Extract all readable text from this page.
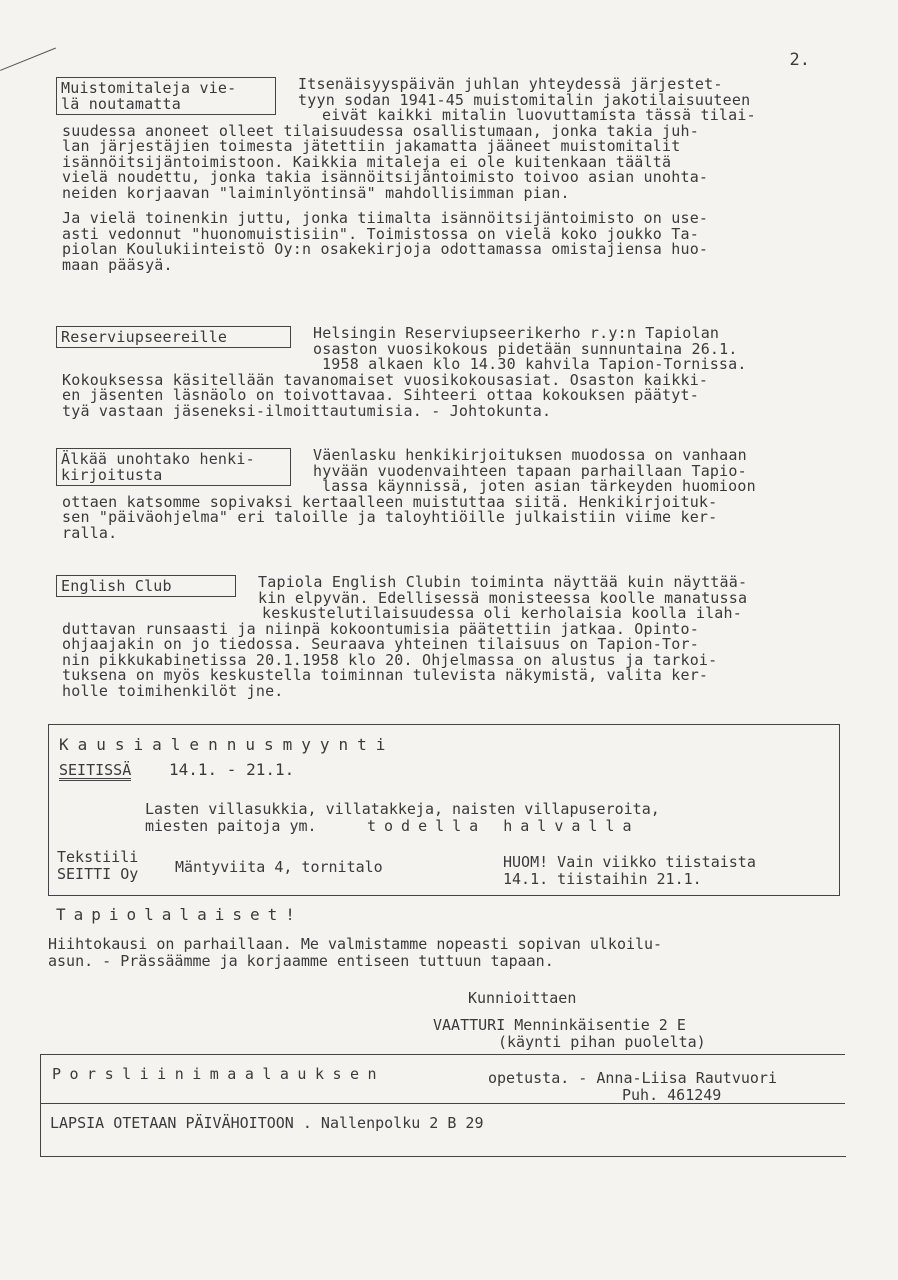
2.
Muistomitaleja vie-
lä noutamatta
Itsenäisyyspäivän juhlan yhteydessä järjestet-
tyyn sodan 1941-45 muistomitalin jakotilaisuuteen
eivät kaikki mitalin luovuttamista tässä tilai-
suudessa anoneet olleet tilaisuudessa osallistumaan, jonka takia juh-
lan järjestäjien toimesta jätettiin jakamatta jääneet muistomitalit
isännöitsijäntoimistoon. Kaikkia mitaleja ei ole kuitenkaan täältä
vielä noudettu, jonka takia isännöitsijäntoimisto toivoo asian unohta-
neiden korjaavan "laiminlyöntinsä" mahdollisimman pian.
Ja vielä toinenkin juttu, jonka tiimalta isännöitsijäntoimisto on use-
asti vedonnut "huonomuistisiin". Toimistossa on vielä koko joukko Ta-
piolan Koulukiinteistö Oy:n osakekirjoja odottamassa omistajiensa huo-
maan pääsyä.
Reserviupseereille	Helsingin Reserviupseerikerho r.y:n Tapiolan
osaston vuosikokous pidetään sunnuntaina 26.1.
1958 alkaen klo 14.30 kahvila Tapion-Tornissa.
Kokouksessa käsitellään tavanomaiset vuosikokousasiat. Osaston kaikki-
en jäsenten läsnäolo on toivottavaa. Sihteeri ottaa kokouksen päätyt-
tyä vastaan jäseneksi-ilmoittautumisia. - Johtokunta.
Älkää unohtako henki-
kirjoitusta
Väenlasku henkikirjoituksen muodossa on vanhaan
hyvään vuodenvaihteen tapaan parhaillaan Tapio-
lassa käynnissä, joten asian tärkeyden huomioon
ottaen katsomme sopivaksi kertaalleen muistuttaa siitä. Henkikirjoituk-
sen "päiväohjelma" eri taloille ja taloyhtiöille julkaistiin viime ker-
ralla.
English Club	Tapiola English Clubin toiminta näyttää kuin näyttää-
kin elpyvän. Edellisessä monisteessa koolle manatussa
keskustelutilaisuudessa oli kerholaisia koolla ilah-
duttavan runsaasti ja niinpä kokoontumisia päätettiin jatkaa. Opinto-
ohjaajakin on jo tiedossa. Seuraava yhteinen tilaisuus on Tapion-Tor-
nin pikkukabinetissa 20.1.1958 klo 20. Ohjelmassa on alustus ja tarkoi-
tuksena on myös keskustella toiminnan tulevista näkymistä, valita ker-
holle toimihenkilöt jne.
Kausialennusmyynti
SEITISSÄ 14.1. - 21.1.
Lasten villasukkia, villatakkeja, naisten villapuseroita,
miesten paitoja ym.	todella halvalla
Tekstiili
SEITTI Oy Mäntyviita 4, tornitalo	HUOM! Vain viikko tiistaista
14.1. tiistaihin 21.1.
Tapiolalaiset!
Hiihtokausi on parhaillaan. Me valmistamme nopeasti sopivan ulkoilu-
asun. - Prässäämme ja korjaamme entiseen tuttuun tapaan.
Kunnioittaen
VAATTURI Menninkäisentie 2 E
(käynti pihan puolelta)
Porsliinimaalauksen	opetusta. - Anna-Liisa Rautvuori
Puh. 461249
LAPSIA OTETAAN PÄIVÄHOITOON . Nallenpolku 2 B 29
